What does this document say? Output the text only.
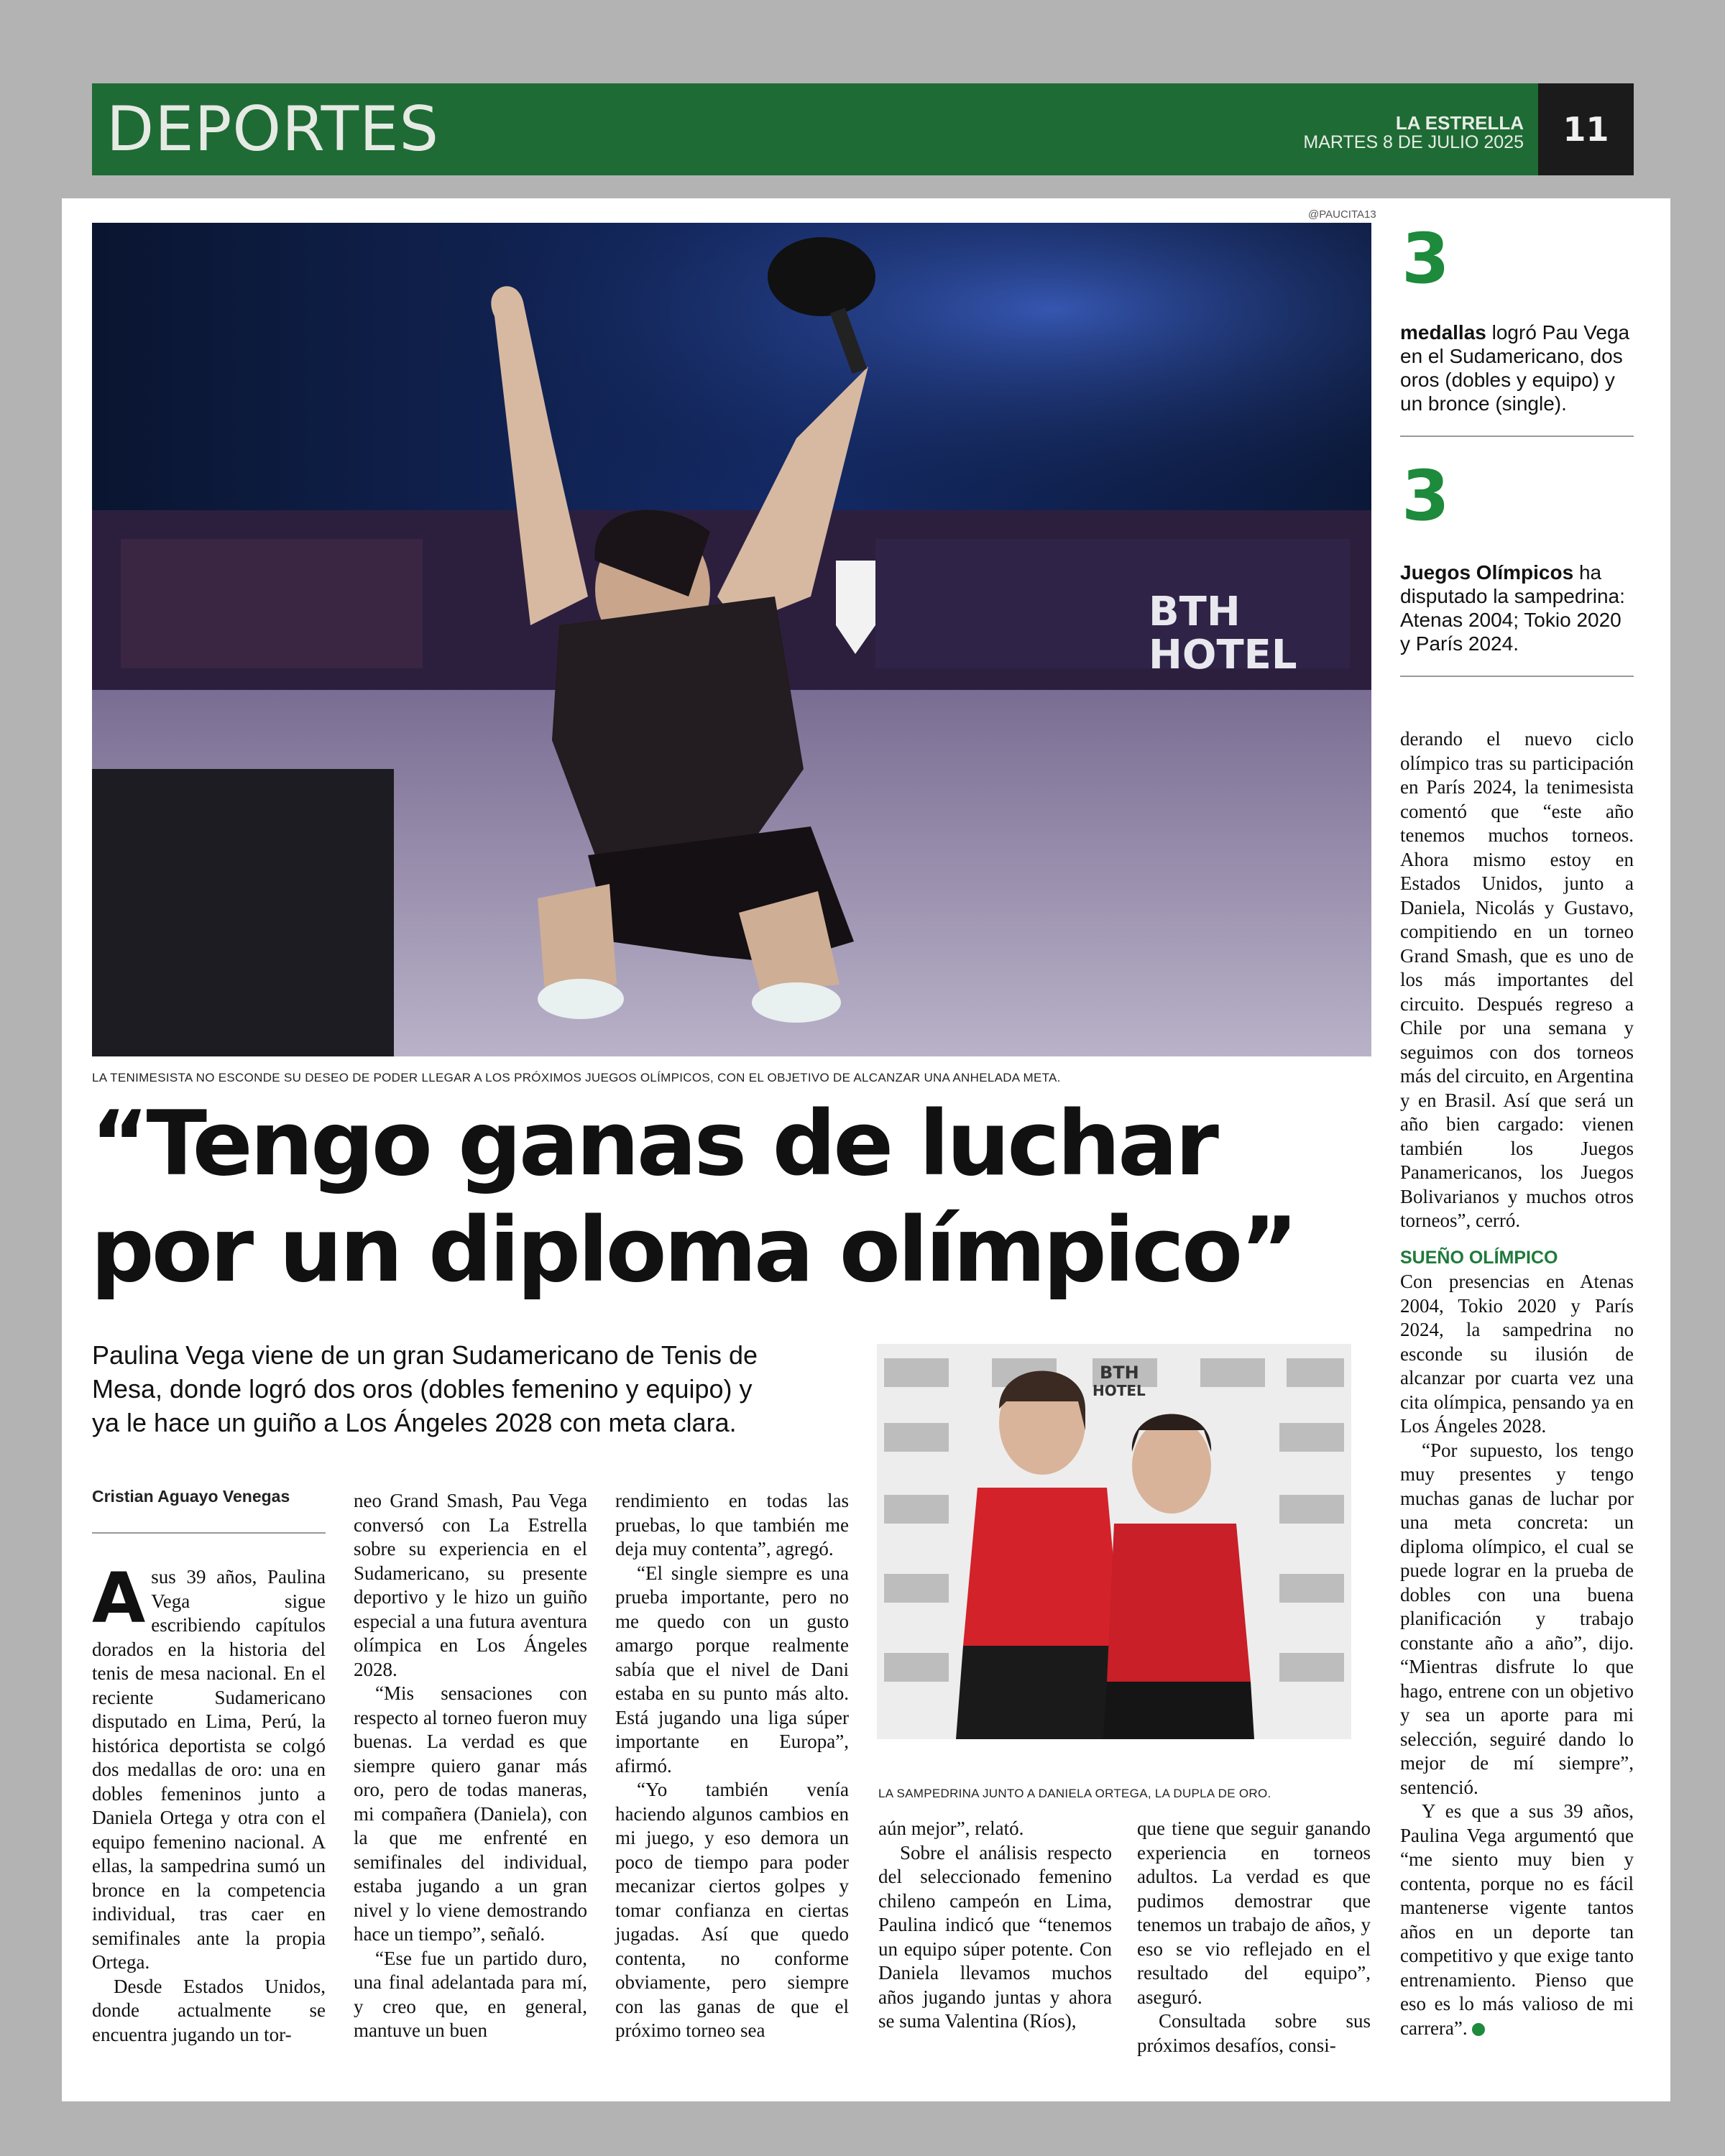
DEPORTES	LA ESTRELLA
MARTES 8 DE JULIO 2025	11
BTH
HOTEL
@PAUCITA13
LA TENIMESISTA NO ESCONDE SU DESEO DE PODER LLEGAR A LOS PRÓXIMOS JUEGOS OLÍMPICOS, CON EL OBJETIVO DE ALCANZAR UNA ANHELADA META.
“Tengo ganas de luchar
por un diploma olímpico”
Paulina Vega viene de un gran Sudamericano de Tenis de
Mesa, donde logró dos oros (dobles femenino y equipo) y
ya le hace un guiño a Los Ángeles 2028 con meta clara.
Cristian Aguayo Venegas
BTH
HOTEL
LA SAMPEDRINA JUNTO A DANIELA ORTEGA, LA DUPLA DE ORO.
3
medallas logró Pau Vega en el Sudamericano, dos oros (dobles y equipo) y un bronce (single).
3
Juegos Olímpicos ha disputado la sampedrina: Atenas 2004; Tokio 2020 y París 2024.
A sus 39 años, Paulina Vega sigue escribiendo capítulos dorados en la historia del tenis de mesa nacional. En el reciente Sudamericano disputado en Lima, Perú, la histórica deportista se colgó dos medallas de oro: una en dobles femeninos junto a Daniela Ortega y otra con el equipo femenino nacional. A ellas, la sampedrina sumó un bronce en la competencia individual, tras caer en semifinales ante la propia Ortega.

Desde Estados Unidos, donde actualmente se encuentra jugando un tor-

neo Grand Smash, Pau Vega conversó con La Estrella sobre su experiencia en el Sudamericano, su presente deportivo y le hizo un guiño especial a una futura aventura olímpica en Los Ángeles 2028.

“Mis sensaciones con respecto al torneo fueron muy buenas. La verdad es que siempre quiero ganar más oro, pero de todas maneras, mi compañera (Daniela), con la que me enfrenté en semifinales del individual, estaba jugando a un gran nivel y lo viene demostrando hace un tiempo”, señaló.

“Ese fue un partido duro, una final adelantada para mí, y creo que, en general, mantuve un buen

rendimiento en todas las pruebas, lo que también me deja muy contenta”, agregó.

“El single siempre es una prueba importante, pero no me quedo con un gusto amargo porque realmente sabía que el nivel de Dani estaba en su punto más alto. Está jugando una liga súper importante en Europa”, afirmó.

“Yo también venía haciendo algunos cambios en mi juego, y eso demora un poco de tiempo para poder mecanizar ciertos golpes y tomar confianza en ciertas jugadas. Así que quedo contenta, no conforme obviamente, pero siempre con las ganas de que el próximo torneo sea

aún mejor”, relató.

Sobre el análisis respecto del seleccionado femenino chileno campeón en Lima, Paulina indicó que “tenemos un equipo súper potente. Con Daniela llevamos muchos años jugando juntas y ahora se suma Valentina (Ríos),

que tiene que seguir ganando experiencia en torneos adultos. La verdad es que pudimos demostrar que tenemos un trabajo de años, y eso se vio reflejado en el resultado del equipo”, aseguró.

Consultada sobre sus próximos desafíos, consi-

derando el nuevo ciclo olímpico tras su participación en París 2024, la tenimesista comentó que “este año tenemos muchos torneos. Ahora mismo estoy en Estados Unidos, junto a Daniela, Nicolás y Gustavo, compitiendo en un torneo Grand Smash, que es uno de los más importantes del circuito. Después regreso a Chile por una semana y seguimos con dos torneos más del circuito, en Argentina y en Brasil. Así que será un año bien cargado: vienen también los Juegos Panamericanos, los Juegos Bolivarianos y muchos otros torneos”, cerró.

SUEÑO OLÍMPICO

Con presencias en Atenas 2004, Tokio 2020 y París 2024, la sampedrina no esconde su ilusión de alcanzar por cuarta vez una cita olímpica, pensando ya en Los Ángeles 2028.

“Por supuesto, los tengo muy presentes y tengo muchas ganas de luchar por una meta concreta: un diploma olímpico, el cual se puede lograr en la prueba de dobles con una buena planificación y trabajo constante año a año”, dijo. “Mientras disfrute lo que hago, entrene con un objetivo y sea un aporte para mi selección, seguiré dando lo mejor de mí siempre”, sentenció.

Y es que a sus 39 años, Paulina Vega argumentó que “me siento muy bien y contenta, porque no es fácil mantenerse vigente tantos años en un deporte tan competitivo y que exige tanto entrenamiento. Pienso que eso es lo más valioso de mi carrera”. +
